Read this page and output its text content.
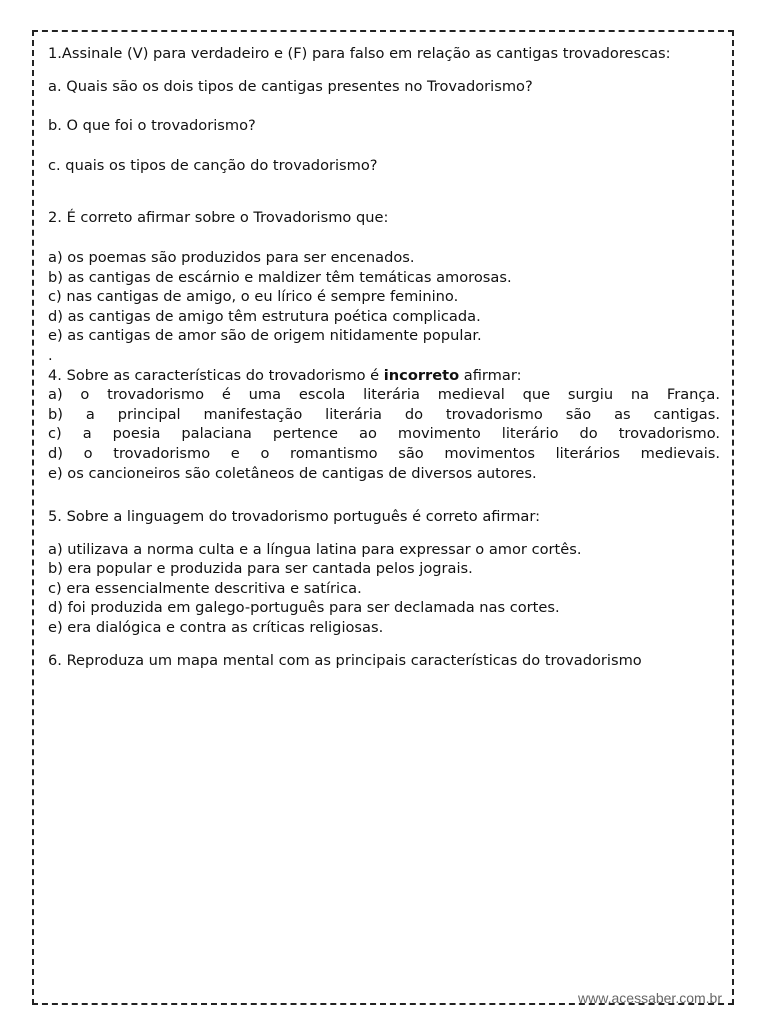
1.Assinale (V) para verdadeiro e (F) para falso em relação as cantigas trovadorescas:

a. Quais são os dois tipos de cantigas presentes no Trovadorismo?

b. O que foi o trovadorismo?

c. quais os tipos de canção do trovadorismo?

2. É correto afirmar sobre o Trovadorismo que:

a) os poemas são produzidos para ser encenados.

b) as cantigas de escárnio e maldizer têm temáticas amorosas.

c) nas cantigas de amigo, o eu lírico é sempre feminino.

d) as cantigas de amigo têm estrutura poética complicada.

e) as cantigas de amor são de origem nitidamente popular.

.

4. Sobre as características do trovadorismo é incorreto afirmar:

a) o trovadorismo é uma escola literária medieval que surgiu na França.

b) a principal manifestação literária do trovadorismo são as cantigas.

c) a poesia palaciana pertence ao movimento literário do trovadorismo.

d) o trovadorismo e o romantismo são movimentos literários medievais.

e) os cancioneiros são coletâneos de cantigas de diversos autores.

5. Sobre a linguagem do trovadorismo português é correto afirmar:

a) utilizava a norma culta e a língua latina para expressar o amor cortês.

b) era popular e produzida para ser cantada pelos jograis.

c) era essencialmente descritiva e satírica.

d) foi produzida em galego-português para ser declamada nas cortes.

e) era dialógica e contra as críticas religiosas.

6. Reproduza um mapa mental com as principais características do trovadorismo

www.acessaber.com.br
